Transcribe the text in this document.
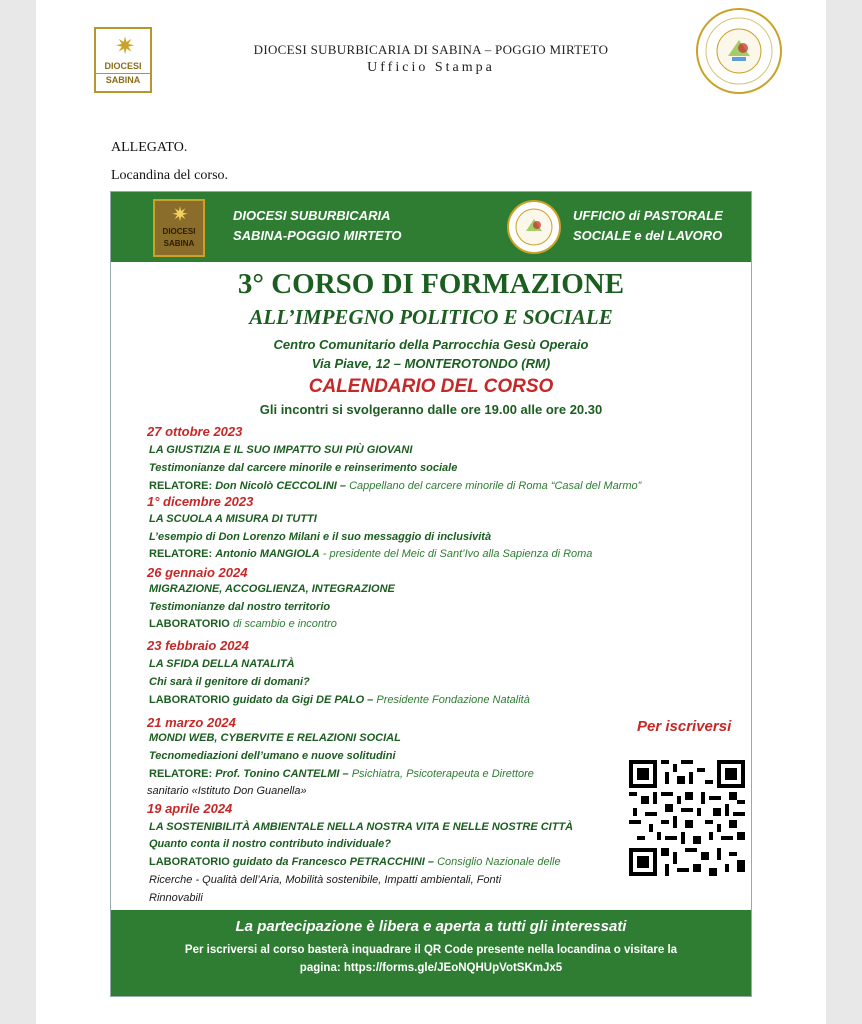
✷
DIOCESI
SABINA
DIOCESI SUBURBICARIA DI SABINA – POGGIO MIRTETO
Ufficio Stampa
ALLEGATO.
Locandina del corso.
✷
DIOCESI
SABINA
DIOCESI SUBURBICARIA
SABINA-POGGIO MIRTETO
UFFICIO di PASTORALE
SOCIALE e del LAVORO
3° CORSO DI FORMAZIONE
ALL’IMPEGNO POLITICO E SOCIALE
Centro Comunitario della Parrocchia Gesù Operaio
Via Piave, 12 – MONTEROTONDO (RM)
CALENDARIO DEL CORSO
Gli incontri si svolgeranno dalle ore 19.00 alle ore 20.30
27 ottobre 2023
LA GIUSTIZIA E IL SUO IMPATTO SUI PIÙ GIOVANI
Testimonianze dal carcere minorile e reinserimento sociale
RELATORE: Don Nicolò CECCOLINI – Cappellano del carcere minorile di Roma “Casal del Marmo”
1° dicembre 2023
LA SCUOLA A MISURA DI TUTTI
L’esempio di Don Lorenzo Milani e il suo messaggio di inclusività
RELATORE: Antonio MANGIOLA - presidente del Meic di Sant’Ivo alla Sapienza di Roma
26 gennaio 2024
MIGRAZIONE, ACCOGLIENZA, INTEGRAZIONE
Testimonianze dal nostro territorio
LABORATORIO di scambio e incontro
23 febbraio 2024
LA SFIDA DELLA NATALITÀ
Chi sarà il genitore di domani?
LABORATORIO guidato da Gigi DE PALO – Presidente Fondazione Natalità
21 marzo 2024
MONDI WEB, CYBERVITE E RELAZIONI SOCIAL
Tecnomediazioni dell’umano e nuove solitudini
RELATORE: Prof. Tonino CANTELMI – Psichiatra, Psicoterapeuta e Direttore
sanitario «Istituto Don Guanella»
19 aprile 2024
LA SOSTENIBILITÀ AMBIENTALE NELLA NOSTRA VITA E NELLE NOSTRE CITTÀ
Quanto conta il nostro contributo individuale?
LABORATORIO guidato da Francesco PETRACCHINI – Consiglio Nazionale delle
Ricerche - Qualità dell’Aria, Mobilità sostenibile, Impatti ambientali, Fonti
Rinnovabili
Per iscriversi
La partecipazione è libera e aperta a tutti gli interessati
Per iscriversi al corso basterà inquadrare il QR Code presente nella locandina o visitare la
pagina: https://forms.gle/JEoNQHUpVotSKmJx5
